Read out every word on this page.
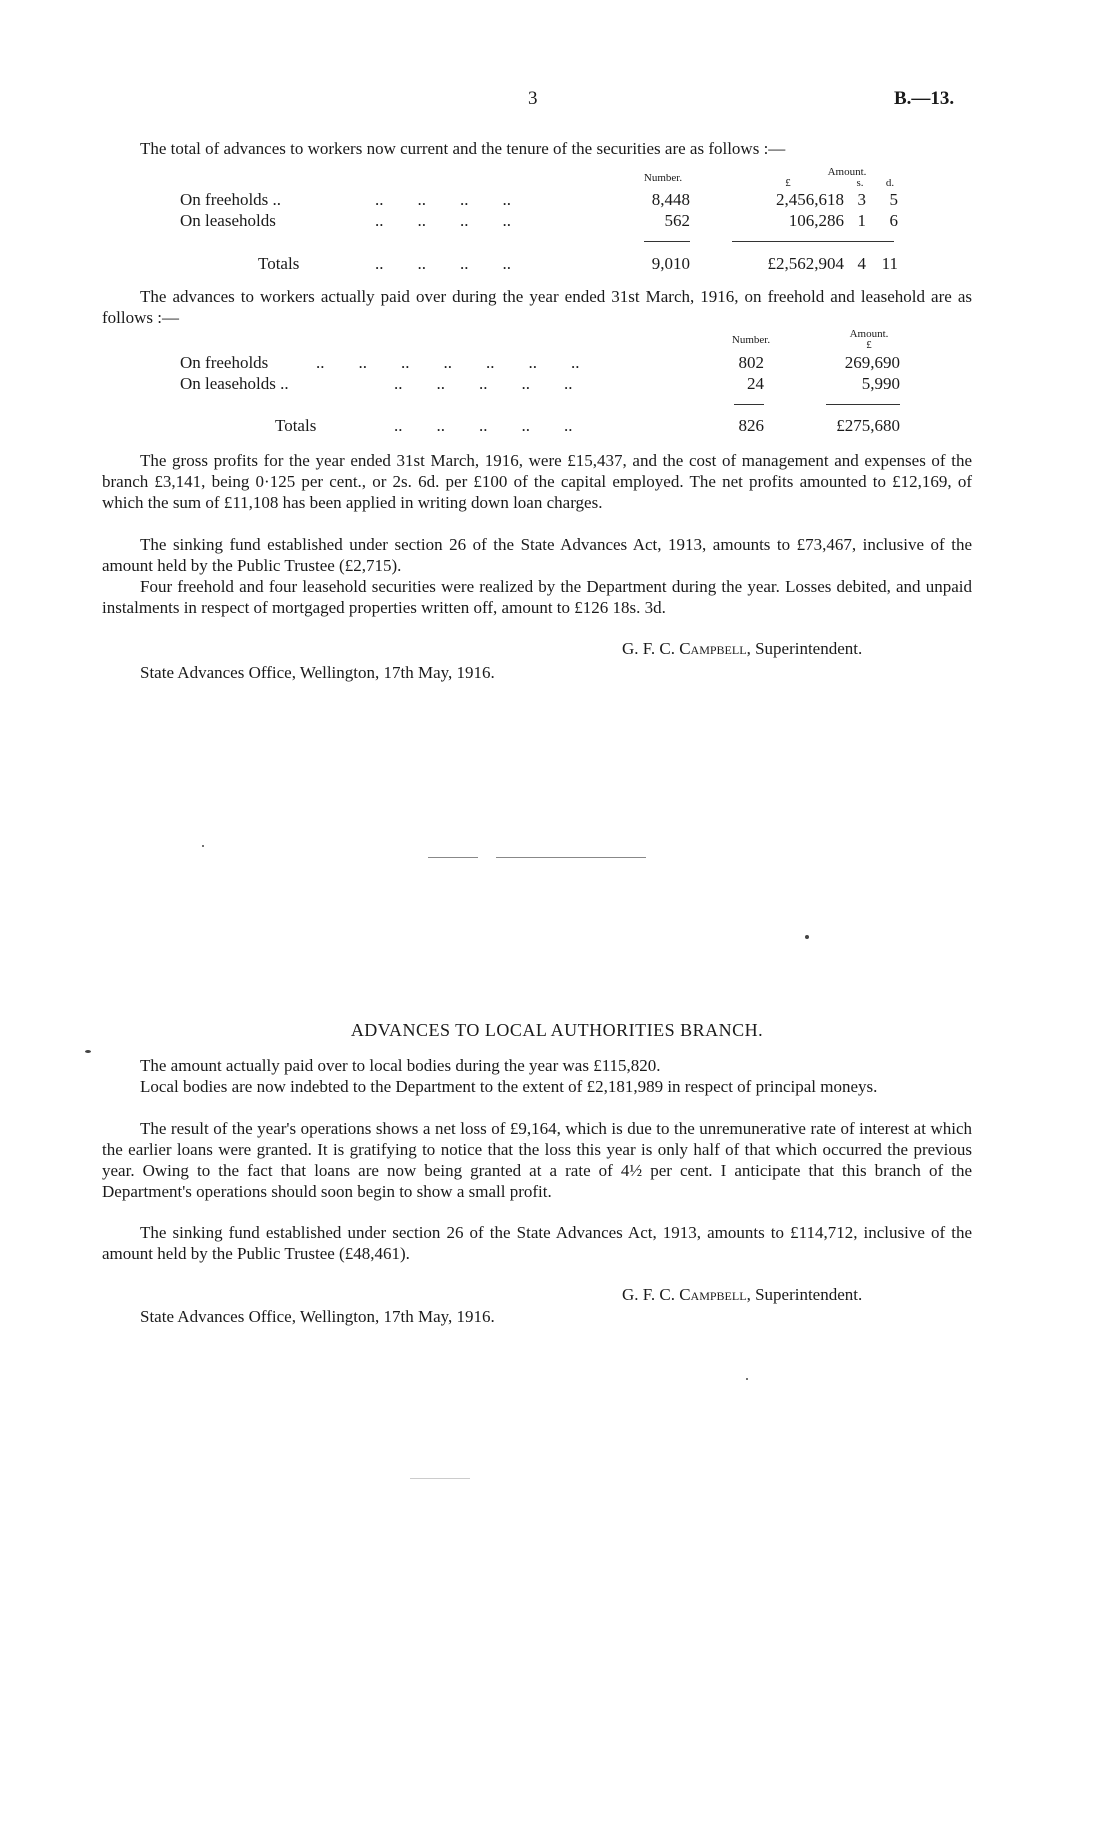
3	B.—13.
The total of advances to workers now current and the tenure of the securities are as follows :—
Number.	Amount.
£	s.	d.
On freeholds ..	..        ..        ..        ..	8,448	2,456,618 3	5
On leaseholds	..        ..        ..        ..	562	106,286 1	6
Totals	..        ..        ..        ..	9,010	£2,562,904 4 11
The advances to workers actually paid over during the year ended 31st March, 1916, on freehold and leasehold are as follows :—
Number.	Amount.
£
On freeholds	..        ..        ..        ..        ..        ..        ..	802	269,690
On leaseholds ..	..        ..        ..        ..        ..	24	5,990
Totals	..        ..        ..        ..        ..	826	£275,680
The gross profits for the year ended 31st March, 1916, were £15,437, and the cost of management and expenses of the branch £3,141, being 0·125 per cent., or 2s. 6d. per £100 of the capital employed. The net profits amounted to £12,169, of which the sum of £11,108 has been applied in writing down loan charges.
The sinking fund established under section 26 of the State Advances Act, 1913, amounts to £73,467, inclusive of the amount held by the Public Trustee (£2,715).
Four freehold and four leasehold securities were realized by the Department during the year. Losses debited, and unpaid instalments in respect of mortgaged properties written off, amount to £126 18s. 3d.
G. F. C. Campbell, Superintendent.
State Advances Office, Wellington, 17th May, 1916.
ADVANCES TO LOCAL AUTHORITIES BRANCH.
The amount actually paid over to local bodies during the year was £115,820.
Local bodies are now indebted to the Department to the extent of £2,181,989 in respect of principal moneys.
The result of the year's operations shows a net loss of £9,164, which is due to the unremunerative rate of interest at which the earlier loans were granted. It is gratifying to notice that the loss this year is only half of that which occurred the previous year. Owing to the fact that loans are now being granted at a rate of 4½ per cent. I anticipate that this branch of the Department's operations should soon begin to show a small profit.
The sinking fund established under section 26 of the State Advances Act, 1913, amounts to £114,712, inclusive of the amount held by the Public Trustee (£48,461).
G. F. C. Campbell, Superintendent.
State Advances Office, Wellington, 17th May, 1916.
